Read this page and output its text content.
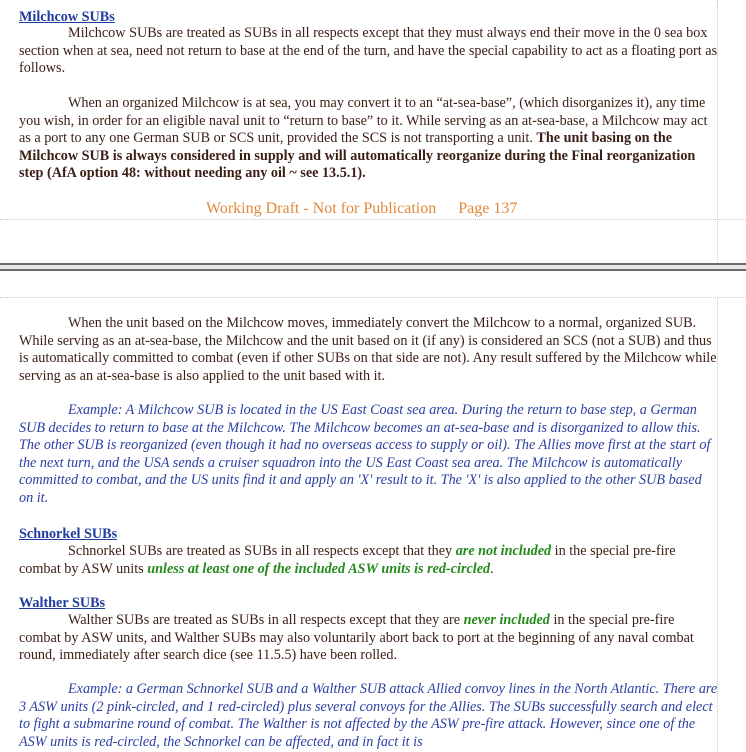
Milchcow SUBs
Milchcow SUBs are treated as SUBs in all respects except that they must always end their move in the 0 sea box section when at sea, need not return to base at the end of the turn, and have the special capability to act as a floating port as follows.
When an organized Milchcow is at sea, you may convert it to an “at-sea-base”, (which disorganizes it), any time you wish, in order for an eligible naval unit to “return to base” to it. While serving as an at-sea-base, a Milchcow may act as a port to any one German SUB or SCS unit, provided the SCS is not transporting a unit. The unit basing on the Milchcow SUB is always considered in supply and will automatically reorganize during the Final reorganization step (AfA option 48: without needing any oil ~ see 13.5.1).
Working Draft - Not for Publication Page 137
When the unit based on the Milchcow moves, immediately convert the Milchcow to a normal, organized SUB. While serving as an at-sea-base, the Milchcow and the unit based on it (if any) is considered an SCS (not a SUB) and thus is automatically committed to combat (even if other SUBs on that side are not). Any result suffered by the Milchcow while serving as an at-sea-base is also applied to the unit based with it.
Example: A Milchcow SUB is located in the US East Coast sea area. During the return to base step, a German SUB decides to return to base at the Milchcow. The Milchcow becomes an at-sea-base and is disorganized to allow this. The other SUB is reorganized (even though it had no overseas access to supply or oil). The Allies move first at the start of the next turn, and the USA sends a cruiser squadron into the US East Coast sea area. The Milchcow is automatically committed to combat, and the US units find it and apply an 'X' result to it. The 'X' is also applied to the other SUB based on it.
Schnorkel SUBs
Schnorkel SUBs are treated as SUBs in all respects except that they are not included in the special pre-fire combat by ASW units unless at least one of the included ASW units is red-circled.
Walther SUBs
Walther SUBs are treated as SUBs in all respects except that they are never included in the special pre-fire combat by ASW units, and Walther SUBs may also voluntarily abort back to port at the beginning of any naval combat round, immediately after search dice (see 11.5.5) have been rolled.
Example: a German Schnorkel SUB and a Walther SUB attack Allied convoy lines in the North Atlantic. There are 3 ASW units (2 pink-circled, and 1 red-circled) plus several convoys for the Allies. The SUBs successfully search and elect to fight a submarine round of combat. The Walther is not affected by the ASW pre-fire attack. However, since one of the ASW units is red-circled, the Schnorkel can be affected, and in fact it is
